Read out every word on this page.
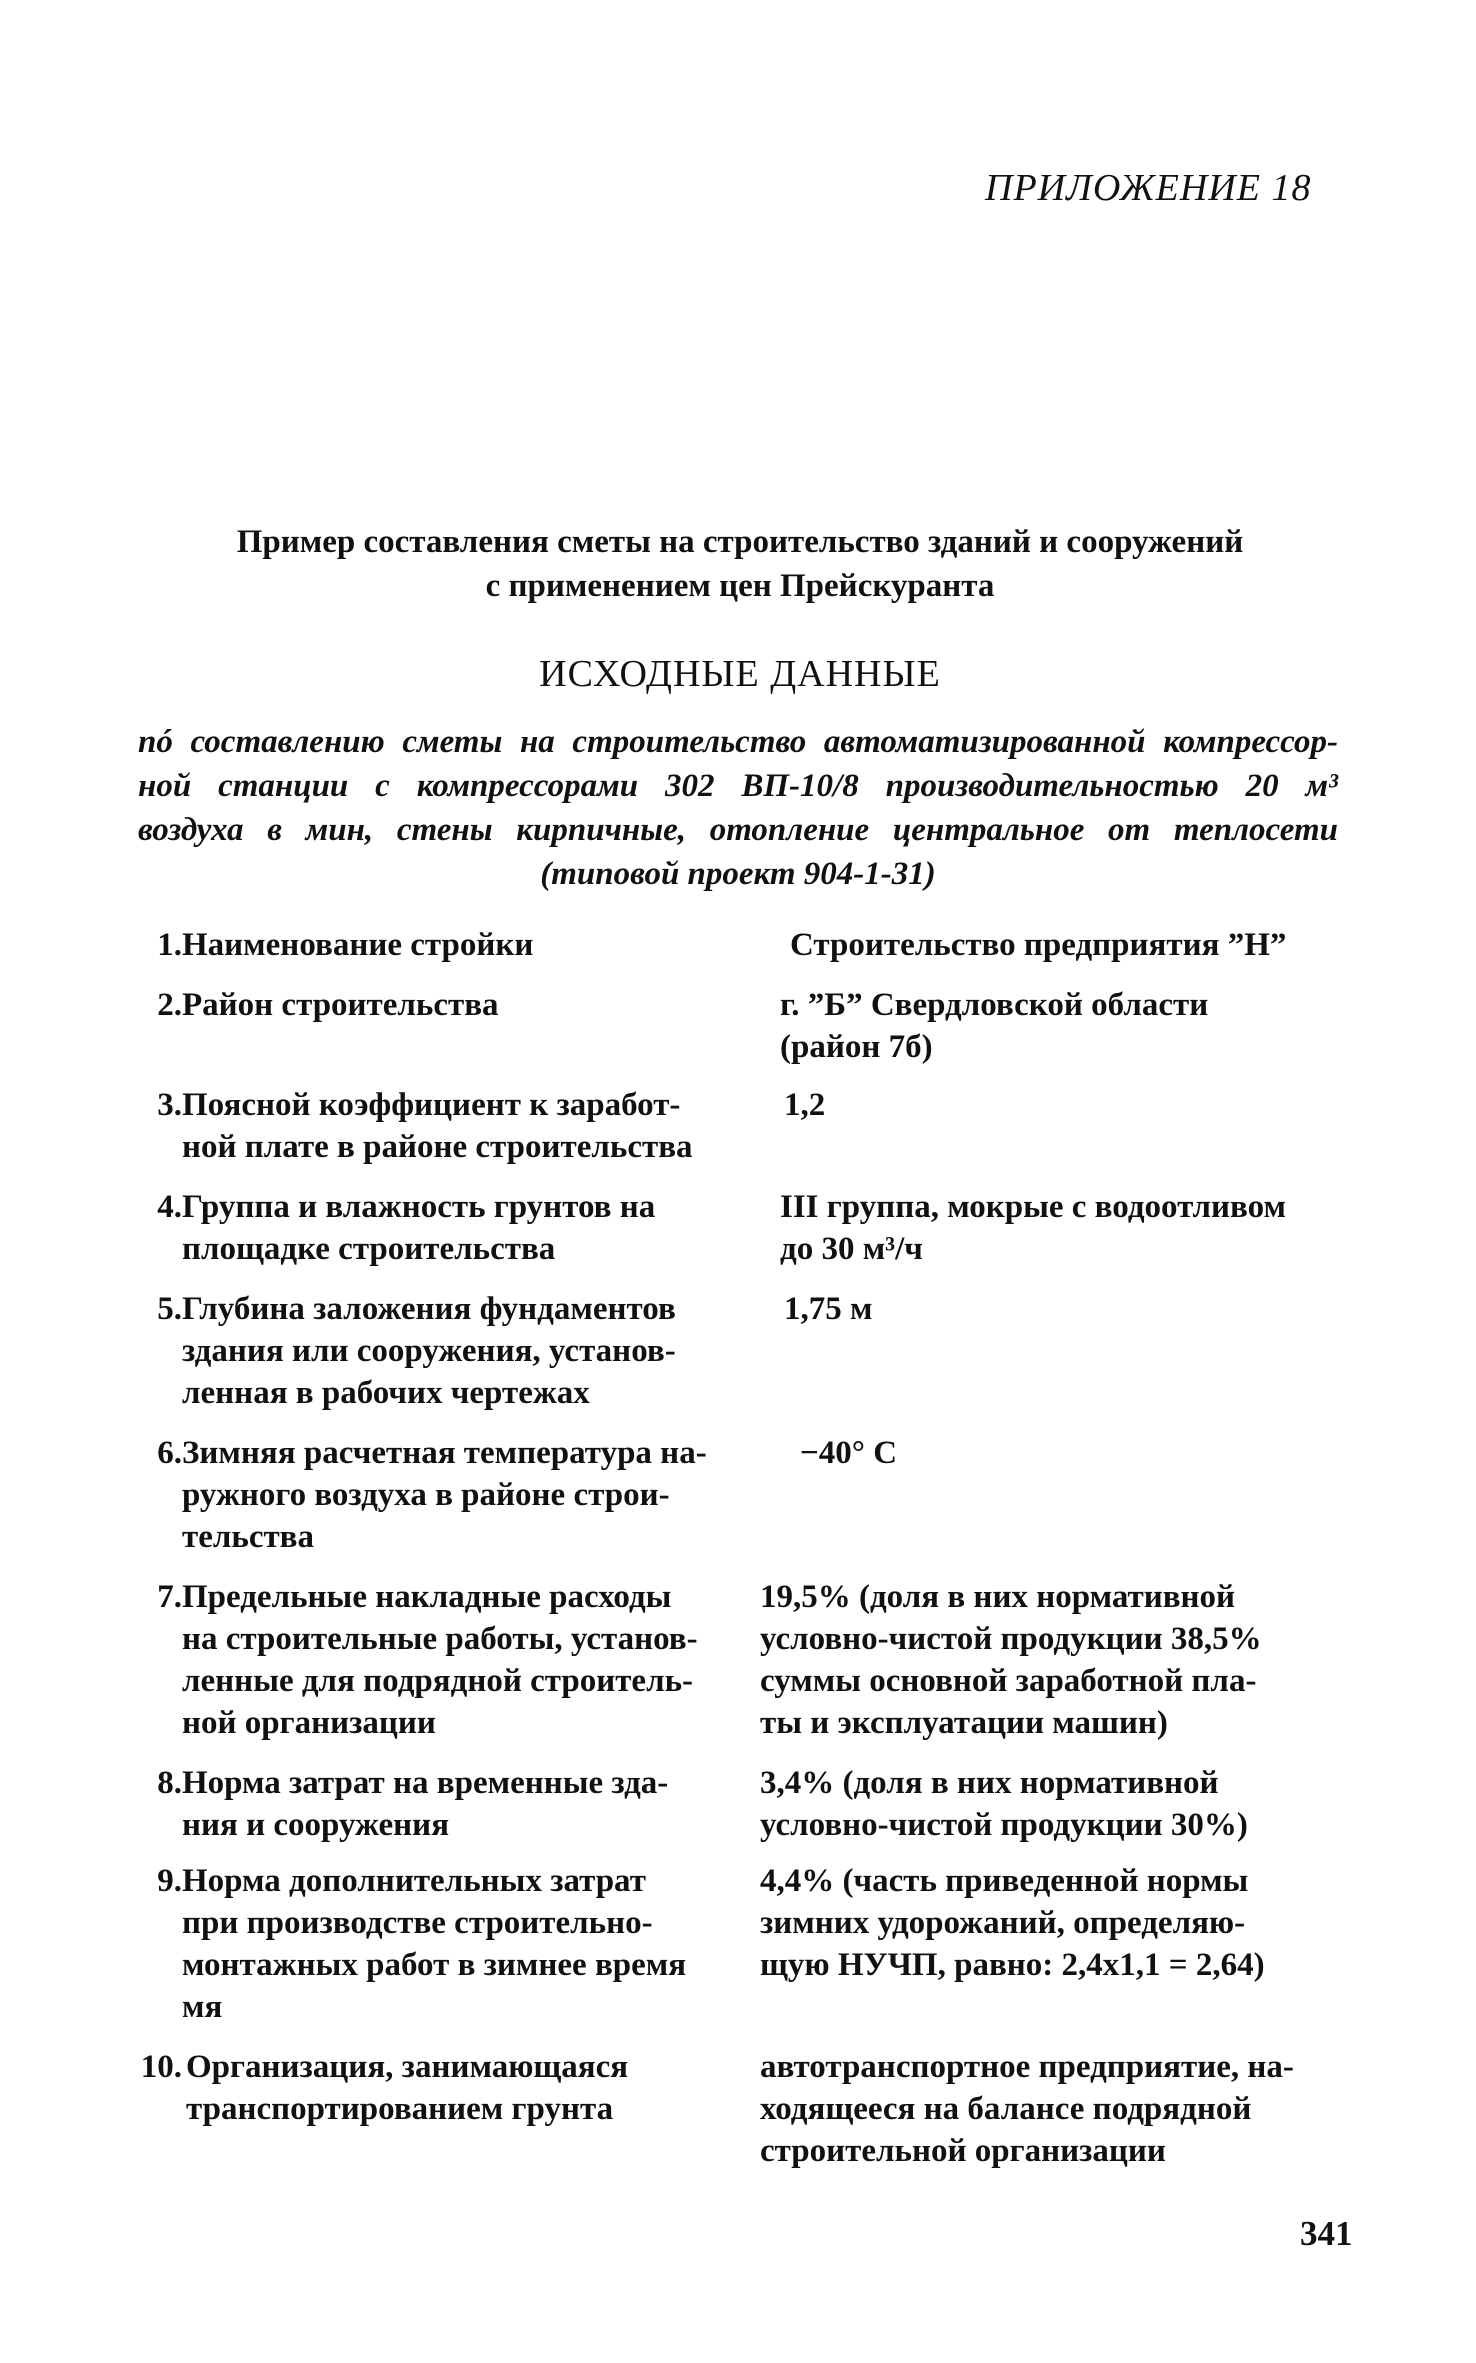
ПРИЛОЖЕНИЕ 18
Пример составления сметы на строительство зданий и сооружений
с применением цен Прейскуранта
ИСХОДНЫЕ ДАННЫЕ
пó составлению сметы на строительство автоматизированной компрессор-
ной станции с компрессорами 302 ВП-10/8 производительностью 20 м³
воздуха в мин, стены кирпичные, отопление центральное от теплосети
(типовой проект 904-1-31)
1. Наименование стройки	Строительство предприятия ”Н”
2. Район строительства	г. ”Б” Свердловской области
(район 7б)
3. Поясной коэффициент к заработ-
ной плате в районе строительства
1,2
4. Группа и влажность грунтов на
площадке строительства
III группа, мокрые с водоотливом
до 30 м³/ч
5. Глубина заложения фундаментов
здания или сооружения, установ-
ленная в рабочих чертежах
1,75 м
6. Зимняя расчетная температура на-
ружного воздуха в районе строи-
тельства
−40° С
7. Предельные накладные расходы
на строительные работы, установ-
ленные для подрядной строитель-
ной организации
19,5% (доля в них нормативной
условно-чистой продукции 38,5%
суммы основной заработной пла-
ты и эксплуатации машин)
8. Норма затрат на временные зда-
ния и сооружения
3,4% (доля в них нормативной
условно-чистой продукции 30%)
9. Норма дополнительных затрат
при производстве строительно-
монтажных работ в зимнее время
мя
4,4% (часть приведенной нормы
зимних удорожаний, определяю-
щую НУЧП, равно: 2,4x1,1 = 2,64)
10. Организация, занимающаяся
транспортированием грунта
автотранспортное предприятие, на-
ходящееся на балансе подрядной
строительной организации
341
